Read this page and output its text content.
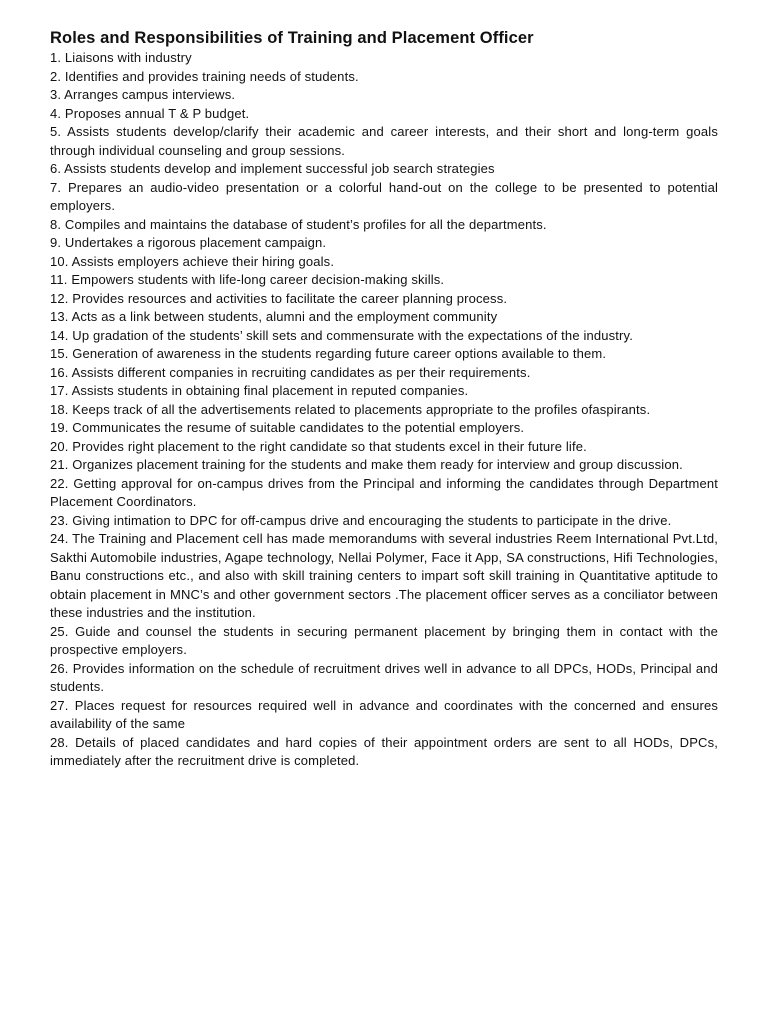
Roles and Responsibilities of Training and Placement Officer
1. Liaisons with industry
2. Identifies and provides training needs of students.
3. Arranges campus interviews.
4. Proposes annual T & P budget.
5. Assists students develop/clarify their academic and career interests, and their short and long-term goals through individual counseling and group sessions.
6. Assists students develop and implement successful job search strategies
7. Prepares an audio-video presentation or a colorful hand-out on the college to be presented to potential employers.
8. Compiles and maintains the database of student’s profiles for all the departments.
9. Undertakes a rigorous placement campaign.
10. Assists employers achieve their hiring goals.
11. Empowers students with life-long career decision-making skills.
12. Provides resources and activities to facilitate the career planning process.
13. Acts as a link between students, alumni and the employment community
14. Up gradation of the students’ skill sets and commensurate with the expectations of the industry.
15. Generation of awareness in the students regarding future career options available to them.
16. Assists different companies in recruiting candidates as per their requirements.
17. Assists students in obtaining final placement in reputed companies.
18. Keeps track of all the advertisements related to placements appropriate to the profiles ofaspirants.
19. Communicates the resume of suitable candidates to the potential employers.
20. Provides right placement to the right candidate so that students excel in their future life.
21. Organizes placement training for the students and make them ready for interview and group discussion.
22. Getting approval for on-campus drives from the Principal and informing the candidates through Department Placement Coordinators.
23. Giving intimation to DPC for off-campus drive and encouraging the students to participate in the drive.
24. The Training and Placement cell has made memorandums with several industries Reem International Pvt.Ltd, Sakthi Automobile industries, Agape technology, Nellai Polymer, Face it App, SA constructions, Hifi Technologies, Banu constructions etc., and also with skill training centers to impart soft skill training in Quantitative aptitude to obtain placement in MNC’s and other government sectors .The placement officer serves as a conciliator between these industries and the institution.
25. Guide and counsel the students in securing permanent placement by bringing them in contact with the prospective employers.
26. Provides information on the schedule of recruitment drives well in advance to all DPCs, HODs, Principal and students.
27. Places request for resources required well in advance and coordinates with the concerned and ensures availability of the same
28. Details of placed candidates and hard copies of their appointment orders are sent to all HODs, DPCs, immediately after the recruitment drive is completed.
